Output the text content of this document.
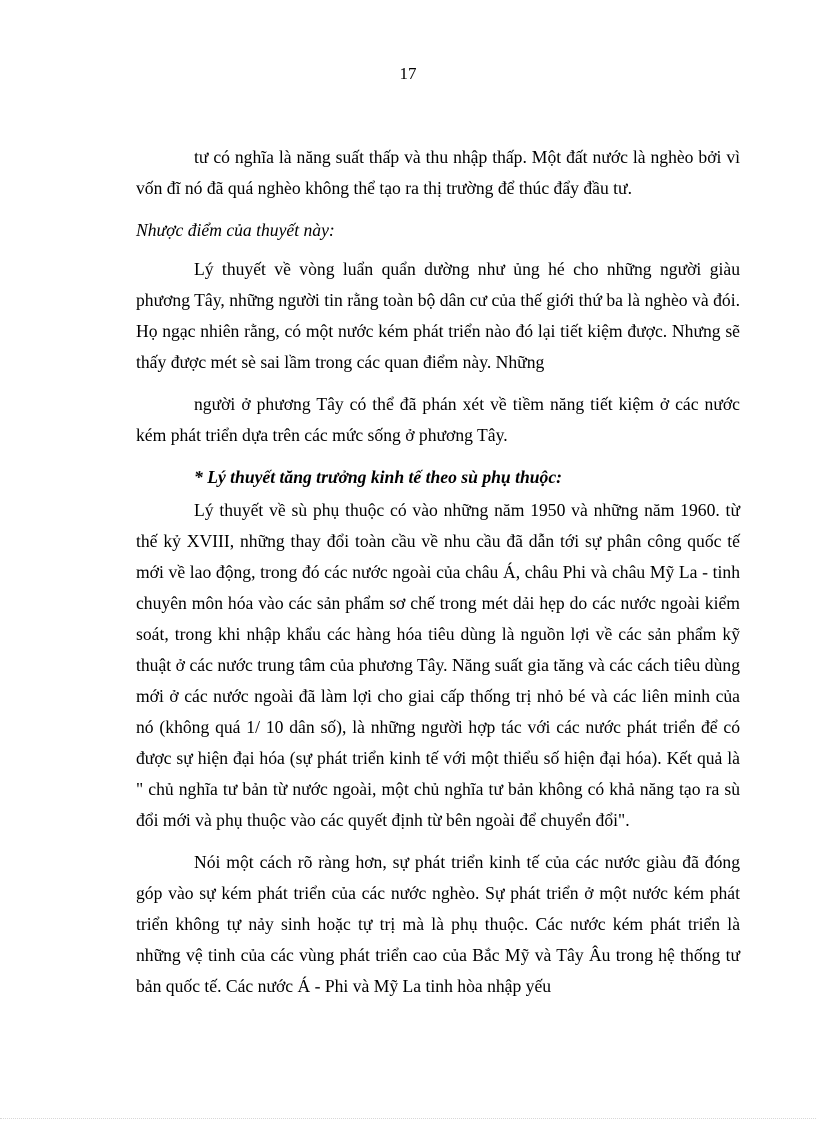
17

tư có nghĩa là năng suất thấp và thu nhập thấp. Một đất nước là nghèo bởi vì vốn đĩ nó đã quá nghèo không thể tạo ra thị trường để thúc đẩy đầu tư.

Nhược điểm của thuyết này:

Lý thuyết về vòng luẩn quẩn dường như ủng hé cho những người giàu phương Tây, những người tin rằng toàn bộ dân cư của thế giới thứ ba là nghèo và đói. Họ ngạc nhiên rằng, có một nước kém phát triển nào đó lại tiết kiệm được. Nhưng sẽ thấy được mét sè sai lầm trong các quan điểm này. Những

người ở phương Tây có thể đã phán xét về tiềm năng tiết kiệm ở các nước kém phát triển dựa trên các mức sống ở phương Tây.

* Lý thuyết tăng trưởng kinh tế theo sù phụ thuộc:

Lý thuyết về sù phụ thuộc có vào những năm 1950 và những năm 1960. từ thế kỷ XVIII, những thay đổi toàn cầu về nhu cầu đã dẫn tới sự phân công quốc tế mới về lao động, trong đó các nước ngoài của châu Á, châu Phi và châu Mỹ La - tinh chuyên môn hóa vào các sản phẩm sơ chế trong mét dải hẹp do các nước ngoài kiểm soát, trong khi nhập khẩu các hàng hóa tiêu dùng là nguồn lợi về các sản phẩm kỹ thuật ở các nước trung tâm của phương Tây. Năng suất gia tăng và các cách tiêu dùng mới ở các nước ngoài đã làm lợi cho giai cấp thống trị nhỏ bé và các liên minh của nó (không quá 1/ 10 dân số), là những người hợp tác với các nước phát triển để có được sự hiện đại hóa (sự phát triển kinh tế với một thiểu số hiện đại hóa). Kết quả là " chủ nghĩa tư bản từ nước ngoài, một chủ nghĩa tư bản không có khả năng tạo ra sù đổi mới và phụ thuộc vào các quyết định từ bên ngoài để chuyển đổi".

Nói một cách rõ ràng hơn, sự phát triển kinh tế của các nước giàu đã đóng góp vào sự kém phát triển của các nước nghèo. Sự phát triển ở một nước kém phát triển không tự nảy sinh hoặc tự trị mà là phụ thuộc. Các nước kém phát triển là những vệ tinh của các vùng phát triển cao của Bắc Mỹ và Tây Âu trong hệ thống tư bản quốc tế. Các nước Á - Phi và Mỹ La tinh hòa nhập yếu
